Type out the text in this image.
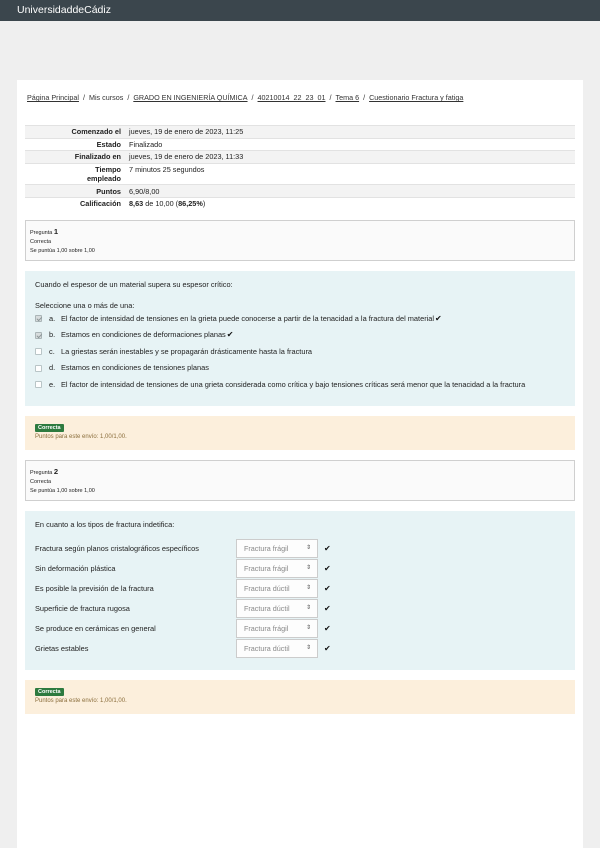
UniversidaddeCádiz
Página Principal / Mis cursos / GRADO EN INGENIERÍA QUÍMICA / 40210014_22_23_01 / Tema 6 / Cuestionario Fractura y fatiga
Comenzado el	jueves, 19 de enero de 2023, 11:25
Estado	Finalizado
Finalizado en	jueves, 19 de enero de 2023, 11:33
Tiempo
empleado	7 minutos 25 segundos
Puntos	6,90/8,00
Calificación	8,63 de 10,00 (86,25%)
Pregunta 1
Correcta
Se puntúa 1,00 sobre 1,00
Cuando el espesor de un material supera su espesor crítico:
Seleccione una o más de una:
a. El factor de intensidad de tensiones en la grieta puede conocerse a partir de la tenacidad a la fractura del material✔
b. Estamos en condiciones de deformaciones planas✔
c. La griestas serán inestables y se propagarán drásticamente hasta la fractura
d. Estamos en condiciones de tensiones planas
e. El factor de intensidad de tensiones de una grieta considerada como crítica y bajo tensiones críticas será menor que la tenacidad a la fractura
Correcta
Puntos para este envío: 1,00/1,00.
Pregunta 2
Correcta
Se puntúa 1,00 sobre 1,00
En cuanto a los tipos de fractura indetifica:
Fractura según planos cristalográficos específicos	Fractura frágil	⇕ ✔
Sin deformación plástica	Fractura frágil	⇕ ✔
Es posible la previsión de la fractura	Fractura dúctil	⇕ ✔
Superficie de fractura rugosa	Fractura dúctil	⇕ ✔
Se produce en cerámicas en general	Fractura frágil	⇕ ✔
Grietas estables	Fractura dúctil	⇕ ✔
Correcta
Puntos para este envío: 1,00/1,00.
